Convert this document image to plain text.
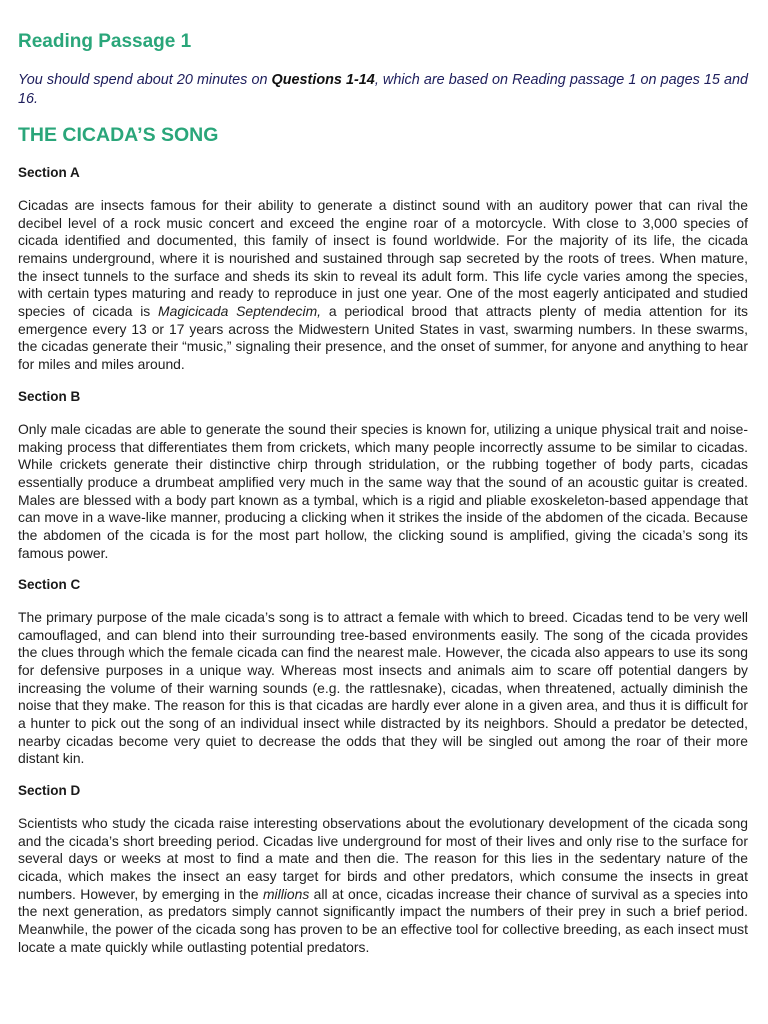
Reading Passage 1

You should spend about 20 minutes on Questions 1-14, which are based on Reading passage 1 on pages 15 and 16.

THE CICADA’S SONG
Section A

Cicadas are insects famous for their ability to generate a distinct sound with an auditory power that can rival the decibel level of a rock music concert and exceed the engine roar of a motorcycle. With close to 3,000 species of cicada identified and documented, this family of insect is found worldwide. For the majority of its life, the cicada remains underground, where it is nourished and sustained through sap secreted by the roots of trees. When mature, the insect tunnels to the surface and sheds its skin to reveal its adult form. This life cycle varies among the species, with certain types maturing and ready to reproduce in just one year. One of the most eagerly anticipated and studied species of cicada is Magicicada Septendecim, a periodical brood that attracts plenty of media attention for its emergence every 13 or 17 years across the Midwestern United States in vast, swarming numbers. In these swarms, the cicadas generate their “music,” signaling their presence, and the onset of summer, for anyone and anything to hear for miles and miles around.

Section B

Only male cicadas are able to generate the sound their species is known for, utilizing a unique physical trait and noise-making process that differentiates them from crickets, which many people incorrectly assume to be similar to cicadas. While crickets generate their distinctive chirp through stridulation, or the rubbing together of body parts, cicadas essentially produce a drumbeat amplified very much in the same way that the sound of an acoustic guitar is created. Males are blessed with a body part known as a tymbal, which is a rigid and pliable exoskeleton-based appendage that can move in a wave-like manner, producing a clicking when it strikes the inside of the abdomen of the cicada. Because the abdomen of the cicada is for the most part hollow, the clicking sound is amplified, giving the cicada’s song its famous power.

Section C

The primary purpose of the male cicada’s song is to attract a female with which to breed. Cicadas tend to be very well camouflaged, and can blend into their surrounding tree-based environments easily. The song of the cicada provides the clues through which the female cicada can find the nearest male. However, the cicada also appears to use its song for defensive purposes in a unique way. Whereas most insects and animals aim to scare off potential dangers by increasing the volume of their warning sounds (e.g. the rattlesnake), cicadas, when threatened, actually diminish the noise that they make. The reason for this is that cicadas are hardly ever alone in a given area, and thus it is difficult for a hunter to pick out the song of an individual insect while distracted by its neighbors. Should a predator be detected, nearby cicadas become very quiet to decrease the odds that they will be singled out among the roar of their more distant kin.

Section D

Scientists who study the cicada raise interesting observations about the evolutionary development of the cicada song and the cicada’s short breeding period. Cicadas live underground for most of their lives and only rise to the surface for several days or weeks at most to find a mate and then die. The reason for this lies in the sedentary nature of the cicada, which makes the insect an easy target for birds and other predators, which consume the insects in great numbers. However, by emerging in the millions all at once, cicadas increase their chance of survival as a species into the next generation, as predators simply cannot significantly impact the numbers of their prey in such a brief period. Meanwhile, the power of the cicada song has proven to be an effective tool for collective breeding, as each insect must locate a mate quickly while outlasting potential predators.
